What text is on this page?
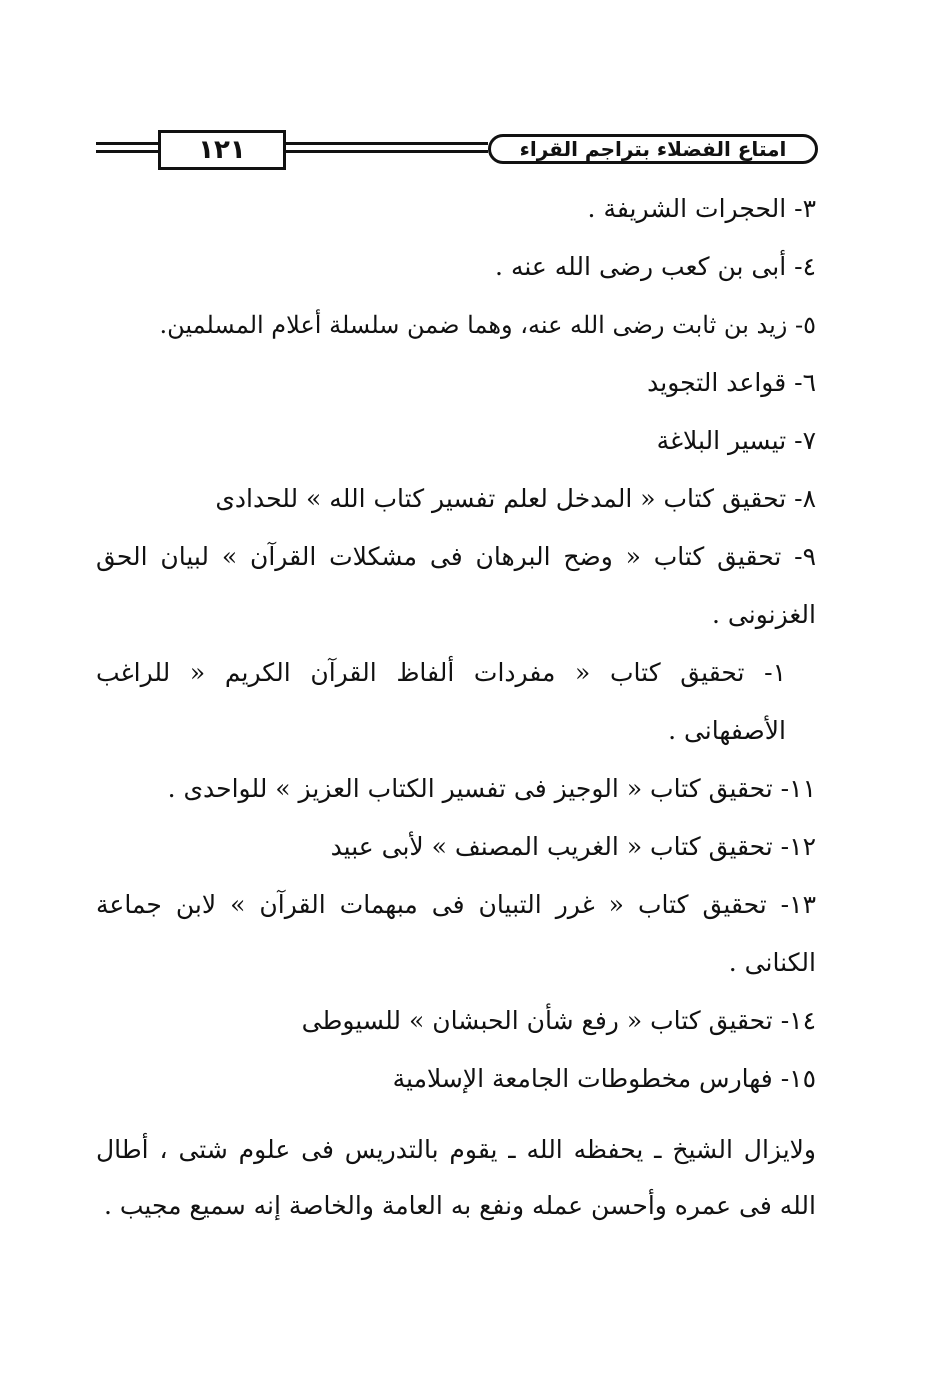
١٢١	امتاع الفضلاء بتراجم القراء

٣- الحجرات الشريفة .

٤- أبى بن كعب رضى الله عنه .

٥- زيد بن ثابت رضى الله عنه، وهما ضمن سلسلة أعلام المسلمين.

٦- قواعد التجويد

٧- تيسير البلاغة

٨- تحقيق كتاب « المدخل لعلم تفسير كتاب الله » للحدادى

٩- تحقيق كتاب « وضح البرهان فى مشكلات القرآن » لبيان الحق الغزنونى .

١- تحقيق كتاب « مفردات ألفاظ القرآن الكريم « للراغب الأصفهانى .

١١- تحقيق كتاب « الوجيز فى تفسير الكتاب العزيز » للواحدى .

١٢- تحقيق كتاب « الغريب المصنف » لأبى عبيد

١٣- تحقيق كتاب « غرر التبيان فى مبهمات القرآن » لابن جماعة الكنانى .

١٤- تحقيق كتاب « رفع شأن الحبشان » للسيوطى

١٥- فهارس مخطوطات الجامعة الإسلامية

ولايزال الشيخ ـ يحفظه الله ـ يقوم بالتدريس فى علوم شتى ، أطال الله فى عمره وأحسن عمله ونفع به العامة والخاصة إنه سميع مجيب .
